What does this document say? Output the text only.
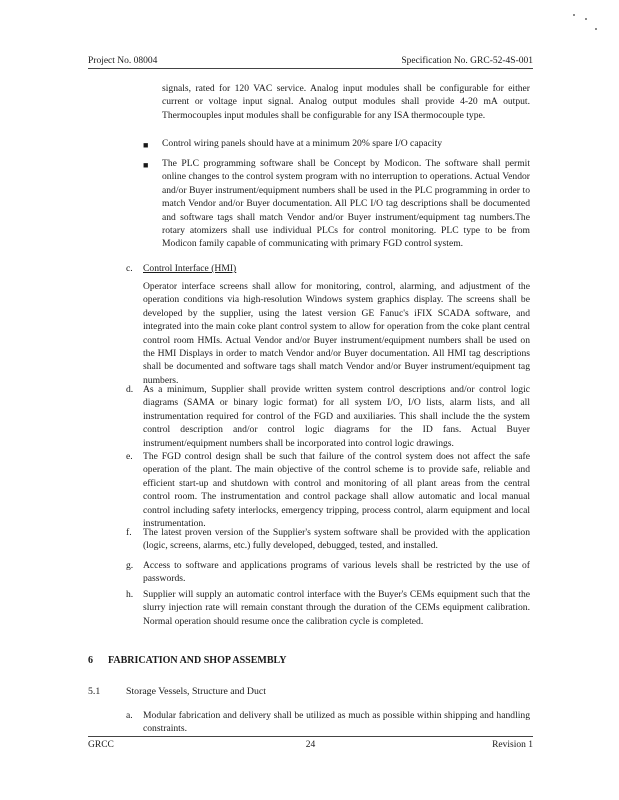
Project No. 08004	Specification No. GRC-52-4S-001
signals, rated for 120 VAC service. Analog input modules shall be configurable for either current or voltage input signal. Analog output modules shall provide 4-20 mA output. Thermocouples input modules shall be configurable for any ISA thermocouple type.
■ Control wiring panels should have at a minimum 20% spare I/O capacity
■ The PLC programming software shall be Concept by Modicon. The software shall permit online changes to the control system program with no interruption to operations. Actual Vendor and/or Buyer instrument/equipment numbers shall be used in the PLC programming in order to match Vendor and/or Buyer documentation. All PLC I/O tag descriptions shall be documented and software tags shall match Vendor and/or Buyer instrument/equipment tag numbers.The rotary atomizers shall use individual PLCs for control monitoring. PLC type to be from Modicon family capable of communicating with primary FGD control system.
c. Control Interface (HMI)
Operator interface screens shall allow for monitoring, control, alarming, and adjustment of the operation conditions via high-resolution Windows system graphics display. The screens shall be developed by the supplier, using the latest version GE Fanuc's iFIX SCADA software, and integrated into the main coke plant control system to allow for operation from the coke plant central control room HMIs. Actual Vendor and/or Buyer instrument/equipment numbers shall be used on the HMI Displays in order to match Vendor and/or Buyer documentation. All HMI tag descriptions shall be documented and software tags shall match Vendor and/or Buyer instrument/equipment tag numbers.
d. As a minimum, Supplier shall provide written system control descriptions and/or control logic diagrams (SAMA or binary logic format) for all system I/O, I/O lists, alarm lists, and all instrumentation required for control of the FGD and auxiliaries. This shall include the the system control description and/or control logic diagrams for the ID fans. Actual Buyer instrument/equipment numbers shall be incorporated into control logic drawings.
e. The FGD control design shall be such that failure of the control system does not affect the safe operation of the plant. The main objective of the control scheme is to provide safe, reliable and efficient start-up and shutdown with control and monitoring of all plant areas from the central control room. The instrumentation and control package shall allow automatic and local manual control including safety interlocks, emergency tripping, process control, alarm equipment and local instrumentation.
f. The latest proven version of the Supplier's system software shall be provided with the application (logic, screens, alarms, etc.) fully developed, debugged, tested, and installed.
g. Access to software and applications programs of various levels shall be restricted by the use of passwords.
h. Supplier will supply an automatic control interface with the Buyer's CEMs equipment such that the slurry injection rate will remain constant through the duration of the CEMs equipment calibration. Normal operation should resume once the calibration cycle is completed.
6 FABRICATION AND SHOP ASSEMBLY
5.1	Storage Vessels, Structure and Duct
a. Modular fabrication and delivery shall be utilized as much as possible within shipping and handling constraints.
GRCC	24	Revision 1
